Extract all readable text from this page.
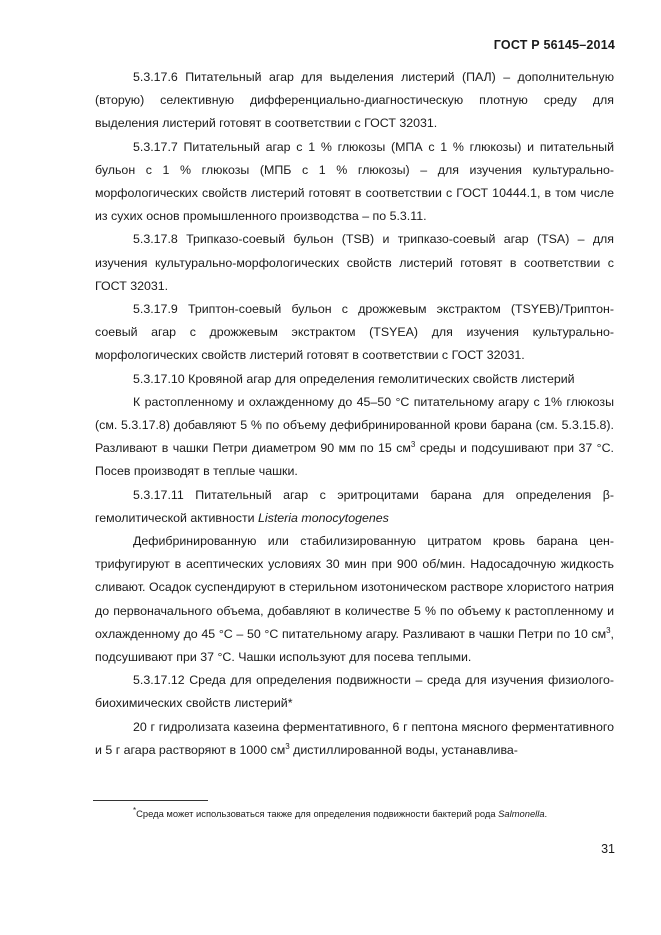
ГОСТ Р 56145–2014

5.3.17.6 Питательный агар для выделения листерий (ПАЛ) – дополнительную (вторую) селективную дифференциально-диагностическую плотную среду для выделения листерий готовят в соответствии с ГОСТ 32031.

5.3.17.7 Питательный агар с 1 % глюкозы (МПА с 1 % глюкозы) и питательный бульон с 1 % глюкозы (МПБ с 1 % глюкозы) – для изучения культурально-морфологических свойств листерий готовят в соответствии с ГОСТ 10444.1, в том числе из сухих основ промышленного производства – по 5.3.11.

5.3.17.8 Трипказо-соевый бульон (TSB) и трипказо-соевый агар (TSA) – для изучения культурально-морфологических свойств листерий готовят в соответствии с ГОСТ 32031.

5.3.17.9 Триптон-соевый бульон с дрожжевым экстрактом (TSYEB)/Триптон-соевый агар с дрожжевым экстрактом (TSYEA) для изучения культурально-морфологических свойств листерий готовят в соответствии с ГОСТ 32031.

5.3.17.10 Кровяной агар для определения гемолитических свойств листерий

К растопленному и охлажденному до 45–50 °С питательному агару с 1% глюкозы (см. 5.3.17.8) добавляют 5 % по объему дефибринированной крови барана (см. 5.3.15.8). Разливают в чашки Петри диаметром 90 мм по 15 $см^3$ среды и подсушивают при 37 °С. Посев производят в теплые чашки.

5.3.17.11 Питательный агар с эритроцитами барана для определения β-гемолитической активности Listeria monocytogenes

Дефибринированную или стабилизированную цитратом кровь барана центрифугируют в асептических условиях 30 мин при 900 об/мин. Надосадочную жидкость сливают. Осадок суспендируют в стерильном изотоническом растворе хлористого натрия до первоначального объема, добавляют в количестве 5 % по объему к растопленному и охлажденному до 45 °С – 50 °С питательному агару. Разливают в чашки Петри по 10 $см^3$, подсушивают при 37 °С. Чашки используют для посева теплыми.

5.3.17.12 Среда для определения подвижности – среда для изучения физиолого-биохимических свойств листерий*

20 г гидролизата казеина ферментативного, 6 г пептона мясного ферментативного и 5 г агара растворяют в 1000 $см^3$ дистиллированной воды, устанавлива-

*Среда может использоваться также для определения подвижности бактерий рода Salmonella.
31
